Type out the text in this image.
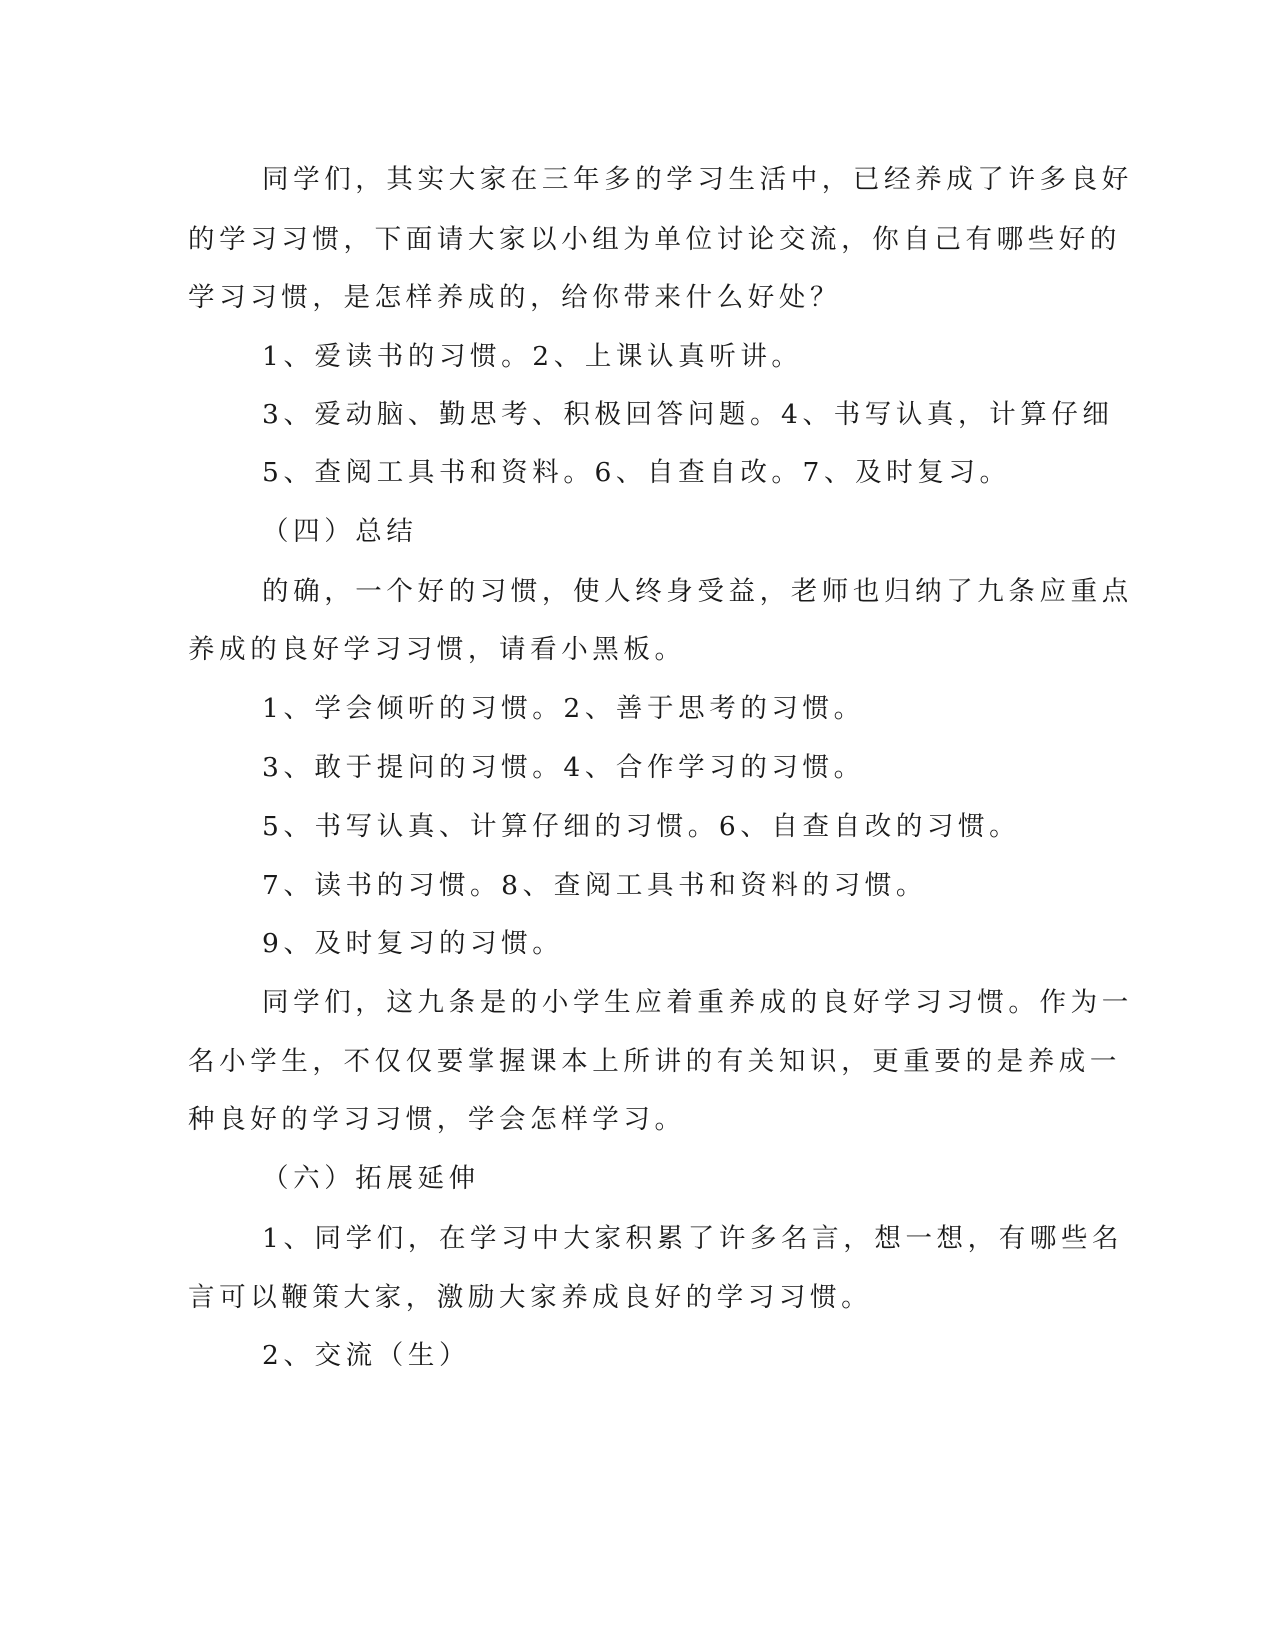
同学们，其实大家在三年多的学习生活中，已经养成了许多良好
的学习习惯，下面请大家以小组为单位讨论交流，你自己有哪些好的
学习习惯，是怎样养成的，给你带来什么好处？
1、爱读书的习惯。2、上课认真听讲。
3、爱动脑、勤思考、积极回答问题。4、书写认真，计算仔细
5、查阅工具书和资料。6、自查自改。7、及时复习。
（四）总结
的确，一个好的习惯，使人终身受益，老师也归纳了九条应重点
养成的良好学习习惯，请看小黑板。
1、学会倾听的习惯。2、善于思考的习惯。
3、敢于提问的习惯。4、合作学习的习惯。
5、书写认真、计算仔细的习惯。6、自查自改的习惯。
7、读书的习惯。8、查阅工具书和资料的习惯。
9、及时复习的习惯。
同学们，这九条是的小学生应着重养成的良好学习习惯。作为一
名小学生，不仅仅要掌握课本上所讲的有关知识，更重要的是养成一
种良好的学习习惯，学会怎样学习。
（六）拓展延伸
1、同学们，在学习中大家积累了许多名言，想一想，有哪些名
言可以鞭策大家，激励大家养成良好的学习习惯。
2、交流（生）
